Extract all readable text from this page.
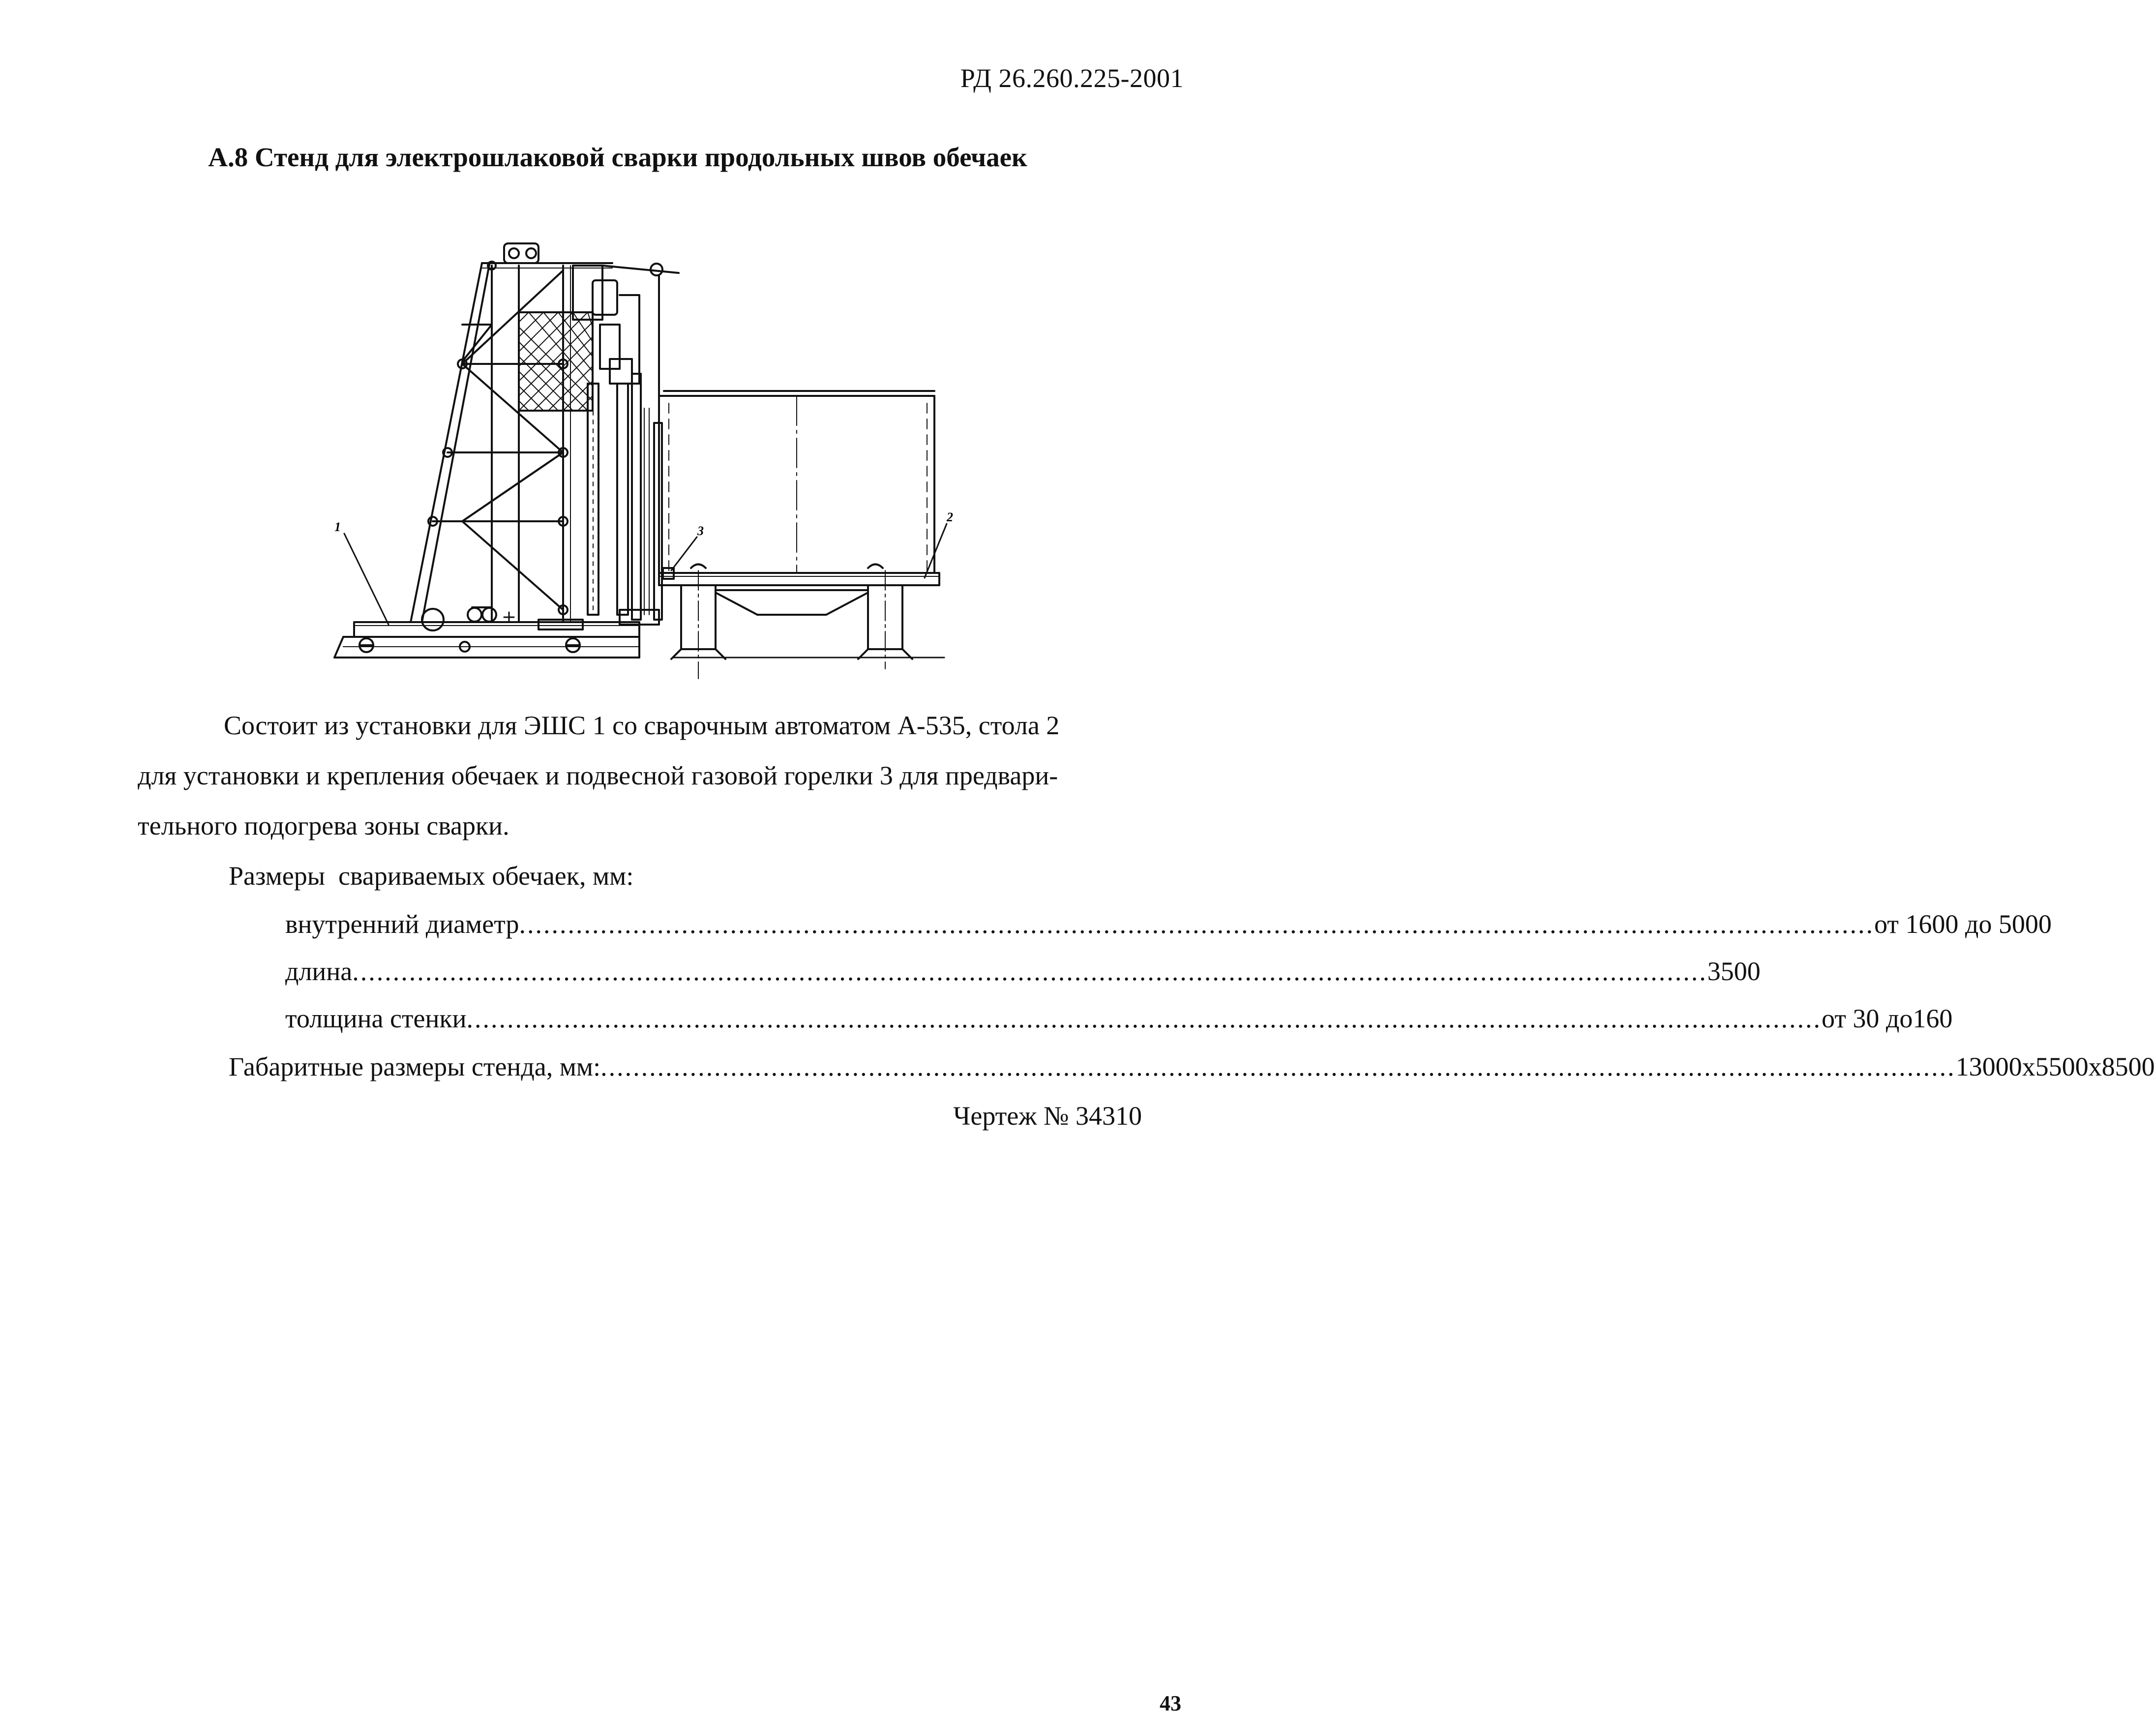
РД 26.260.225-2001
А.8 Стенд для электрошлаковой сварки продольных швов обечаек
1
2
3
Состоит из установки для ЭШС 1 со сварочным автоматом А-535, стола 2
для установки и крепления обечаек и подвесной газовой горелки 3 для предвари-
тельного подогрева зоны сварки.
Размеры  свариваемых обечаек, мм:
внутренний диаметр .....	от 1600 до 5000
длина .....	3500
толщина стенки .....	от 30 до160
Габаритные размеры стенда, мм: .....	13000x5500x8500
Чертеж № 34310
43
